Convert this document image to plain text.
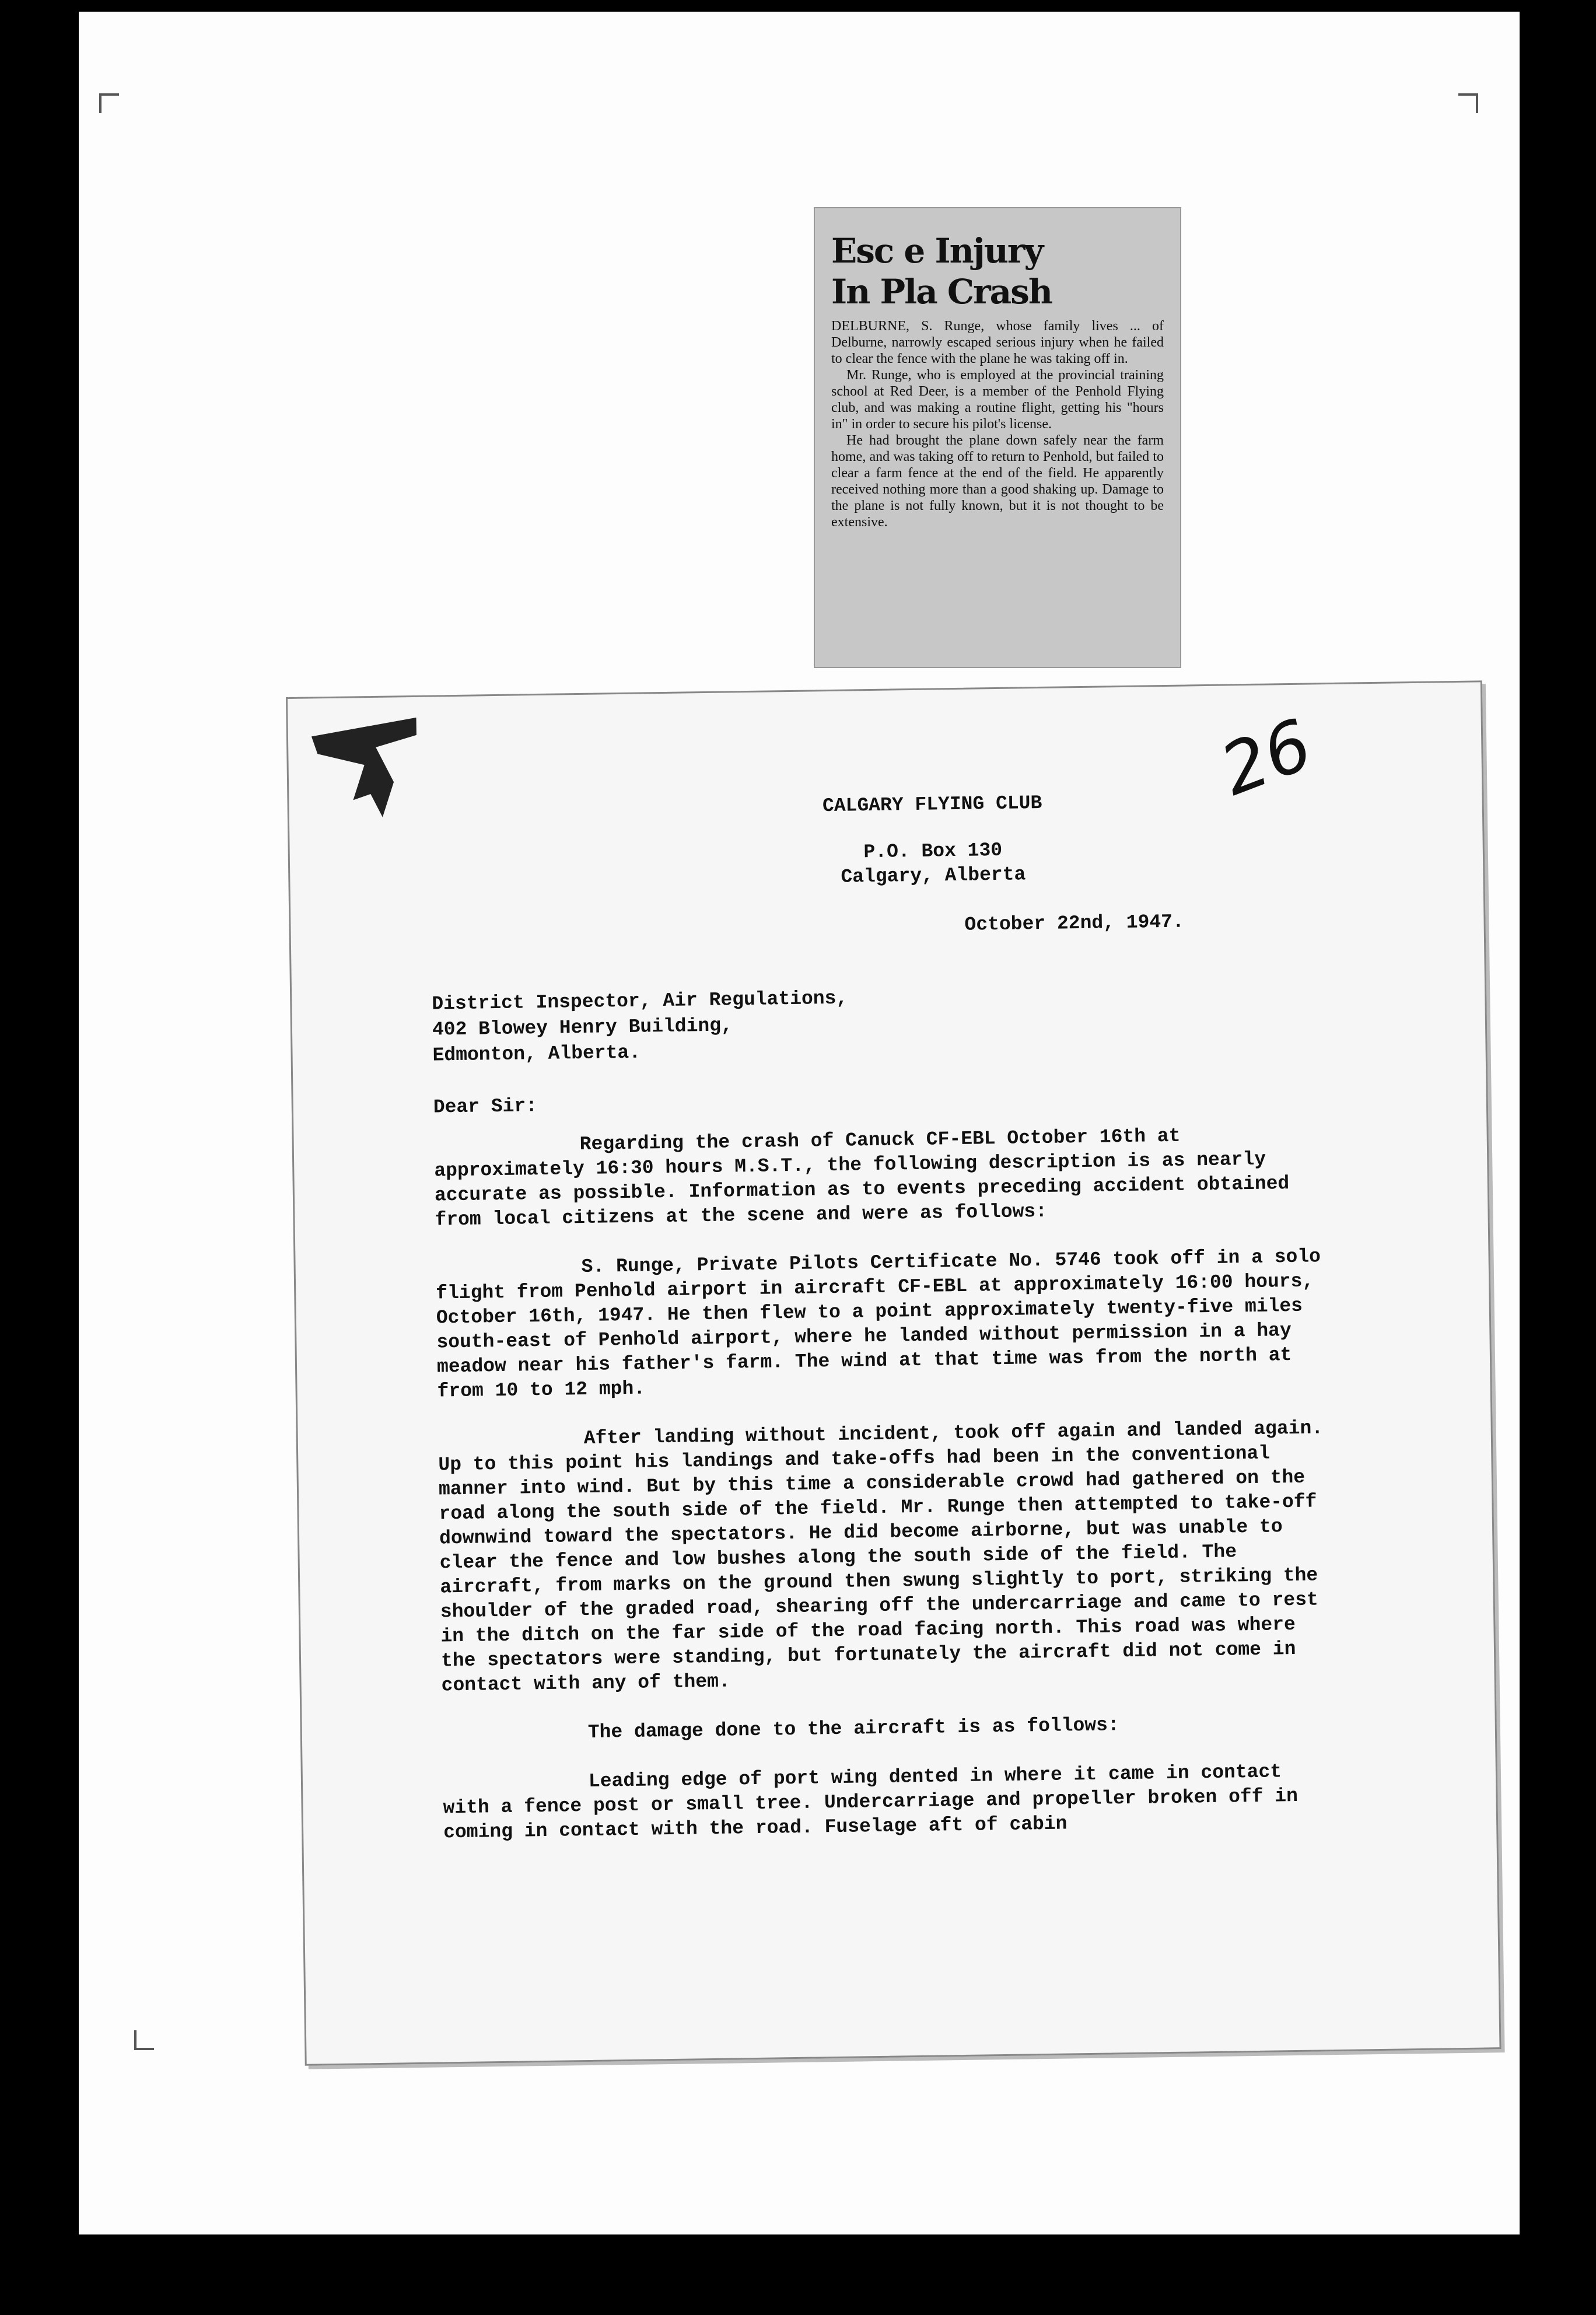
Esc e Injury
In Pla Crash

DELBURNE, S. Runge, whose family lives ... of Delburne, narrowly escaped serious injury when he failed to clear the fence with the plane he was taking off in.

Mr. Runge, who is employed at the provincial training school at Red Deer, is a member of the Penhold Flying club, and was making a routine flight, getting his "hours in" in order to secure his pilot's license.

He had brought the plane down safely near the farm home, and was taking off to return to Penhold, but failed to clear a farm fence at the end of the field. He apparently received nothing more than a good shaking up. Damage to the plane is not fully known, but it is not thought to be extensive.

26
CALGARY FLYING CLUB
P.O. Box 130
Calgary, Alberta
October 22nd, 1947.
District Inspector, Air Regulations,
402 Blowey Henry Building,
Edmonton, Alberta.
Dear Sir:

Regarding the crash of Canuck CF-EBL October 16th at approximately 16:30 hours M.S.T., the following description is as nearly accurate as possible. Information as to events preceding accident obtained from local citizens at the scene and were as follows:

S. Runge, Private Pilots Certificate No. 5746 took off in a solo flight from Penhold airport in aircraft CF-EBL at approximately 16:00 hours, October 16th, 1947. He then flew to a point approximately twenty-five miles south-east of Penhold airport, where he landed without permission in a hay meadow near his father's farm. The wind at that time was from the north at from 10 to 12 mph.

After landing without incident, took off again and landed again. Up to this point his landings and take-offs had been in the conventional manner into wind. But by this time a considerable crowd had gathered on the road along the south side of the field. Mr. Runge then attempted to take-off downwind toward the spectators. He did become airborne, but was unable to clear the fence and low bushes along the south side of the field. The aircraft, from marks on the ground then swung slightly to port, striking the shoulder of the graded road, shearing off the undercarriage and came to rest in the ditch on the far side of the road facing north. This road was where the spectators were standing, but fortunately the aircraft did not come in contact with any of them.

The damage done to the aircraft is as follows:

Leading edge of port wing dented in where it came in contact with a fence post or small tree. Undercarriage and propeller broken off in coming in contact with the road. Fuselage aft of cabin
